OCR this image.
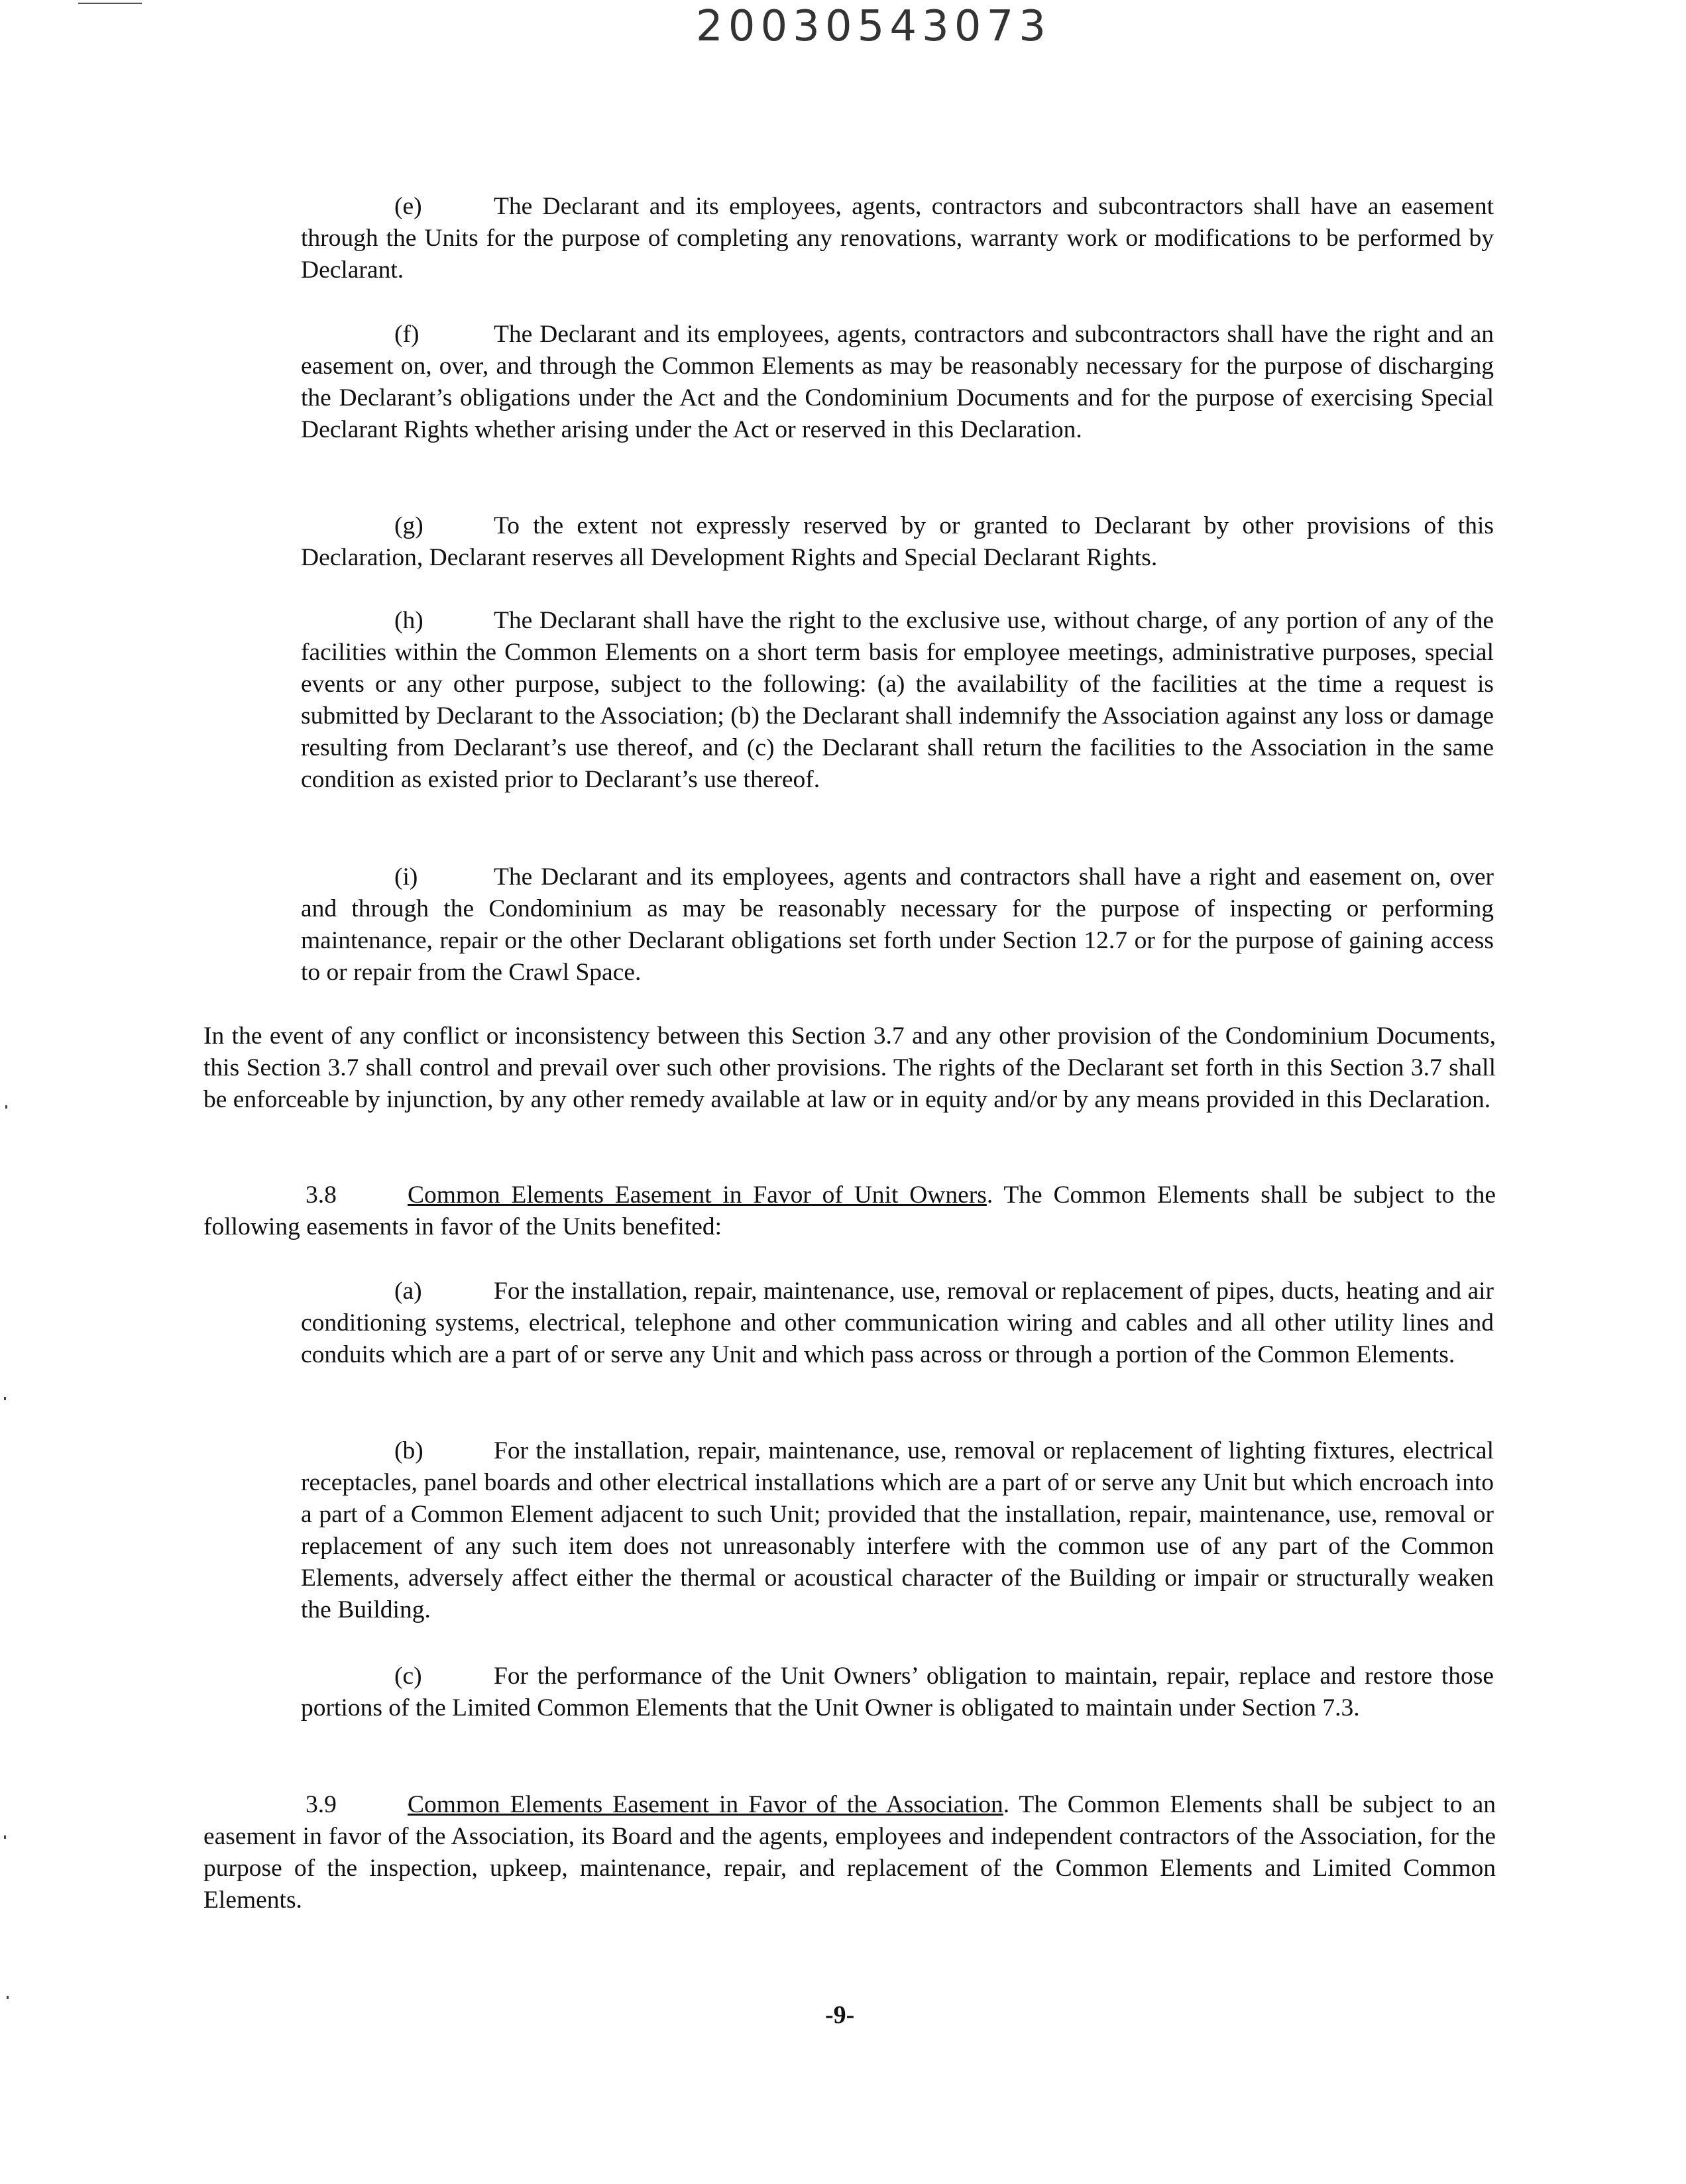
20030543073

(e)	The Declarant and its employees, agents, contractors and subcontractors shall have an easement through the Units for the purpose of completing any renovations, warranty work or modifications to be performed by Declarant.

(f)	The Declarant and its employees, agents, contractors and subcontractors shall have the right and an easement on, over, and through the Common Elements as may be reasonably necessary for the purpose of discharging the Declarant’s obligations under the Act and the Condominium Documents and for the purpose of exercising Special Declarant Rights whether arising under the Act or reserved in this Declaration.

(g)	To the extent not expressly reserved by or granted to Declarant by other provisions of this Declaration, Declarant reserves all Development Rights and Special Declarant Rights.

(h)	The Declarant shall have the right to the exclusive use, without charge, of any portion of any of the facilities within the Common Elements on a short term basis for employee meetings, administrative purposes, special events or any other purpose, subject to the following: (a) the availability of the facilities at the time a request is submitted by Declarant to the Association; (b) the Declarant shall indemnify the Association against any loss or damage resulting from Declarant’s use thereof, and (c) the Declarant shall return the facilities to the Association in the same condition as existed prior to Declarant’s use thereof.

(i)	The Declarant and its employees, agents and contractors shall have a right and easement on, over and through the Condominium as may be reasonably necessary for the purpose of inspecting or performing maintenance, repair or the other Declarant obligations set forth under Section 12.7 or for the purpose of gaining access to or repair from the Crawl Space.

In the event of any conflict or inconsistency between this Section 3.7 and any other provision of the Condominium Documents, this Section 3.7 shall control and prevail over such other provisions. The rights of the Declarant set forth in this Section 3.7 shall be enforceable by injunction, by any other remedy available at law or in equity and/or by any means provided in this Declaration.

3.8	Common Elements Easement in Favor of Unit Owners. The Common Elements shall be subject to the following easements in favor of the Units benefited:

(a)	For the installation, repair, maintenance, use, removal or replacement of pipes, ducts, heating and air conditioning systems, electrical, telephone and other communication wiring and cables and all other utility lines and conduits which are a part of or serve any Unit and which pass across or through a portion of the Common Elements.

(b)	For the installation, repair, maintenance, use, removal or replacement of lighting fixtures, electrical receptacles, panel boards and other electrical installations which are a part of or serve any Unit but which encroach into a part of a Common Element adjacent to such Unit; provided that the installation, repair, maintenance, use, removal or replacement of any such item does not unreasonably interfere with the common use of any part of the Common Elements, adversely affect either the thermal or acoustical character of the Building or impair or structurally weaken the Building.

(c)	For the performance of the Unit Owners’ obligation to maintain, repair, replace and restore those portions of the Limited Common Elements that the Unit Owner is obligated to maintain under Section 7.3.

3.9	Common Elements Easement in Favor of the Association. The Common Elements shall be subject to an easement in favor of the Association, its Board and the agents, employees and independent contractors of the Association, for the purpose of the inspection, upkeep, maintenance, repair, and replacement of the Common Elements and Limited Common Elements.

-9-
